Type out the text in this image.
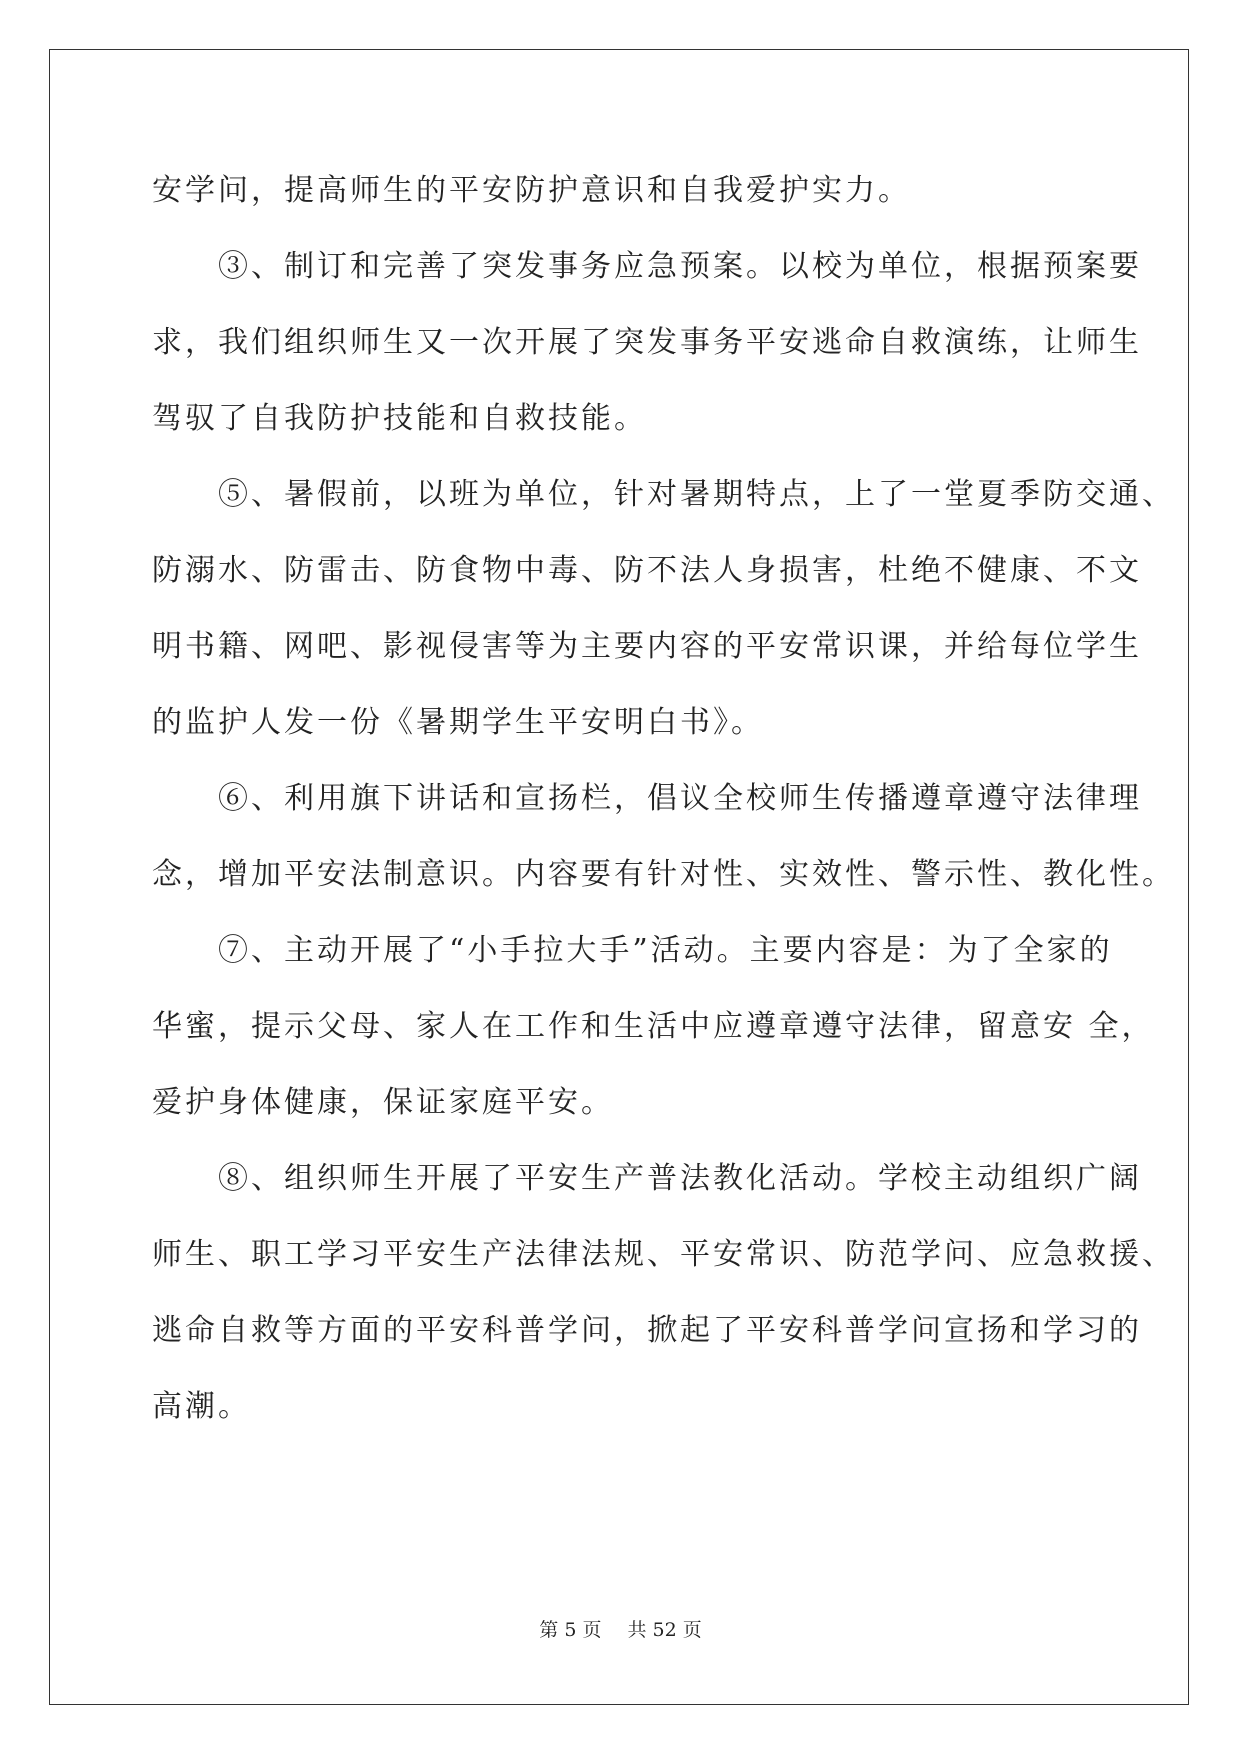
安学问，提高师生的平安防护意识和自我爱护实力。
　　③、制订和完善了突发事务应急预案。以校为单位，根据预案要
求，我们组织师生又一次开展了突发事务平安逃命自救演练，让师生
驾驭了自我防护技能和自救技能。
　　⑤、暑假前，以班为单位，针对暑期特点，上了一堂夏季防交通、
防溺水、防雷击、防食物中毒、防不法人身损害，杜绝不健康、不文
明书籍、网吧、影视侵害等为主要内容的平安常识课，并给每位学生
的监护人发一份《暑期学生平安明白书》。
　　⑥、利用旗下讲话和宣扬栏，倡议全校师生传播遵章遵守法律理
念，增加平安法制意识。内容要有针对性、实效性、警示性、教化性。
　　⑦、主动开展了“小手拉大手”活动。主要内容是：为了全家的
华蜜，提示父母、家人在工作和生活中应遵章遵守法律，留意安 全，
爱护身体健康，保证家庭平安。
　　⑧、组织师生开展了平安生产普法教化活动。学校主动组织广阔
师生、职工学习平安生产法律法规、平安常识、防范学问、应急救援、
逃命自救等方面的平安科普学问，掀起了平安科普学问宣扬和学习的
高潮。
第 5 页 共 52 页
